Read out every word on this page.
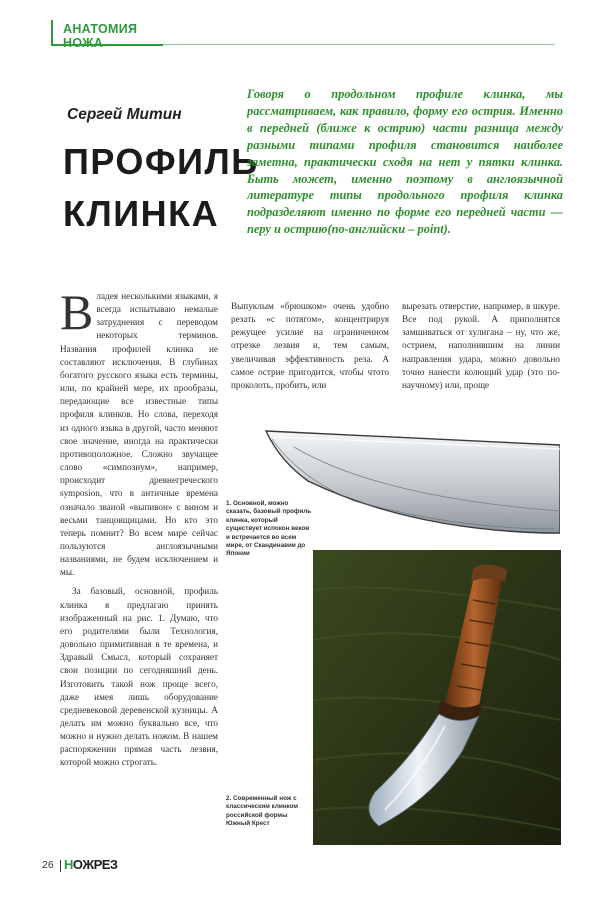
АНАТОМИЯ НОЖА
Сергей Митин
ПРОФИЛЬ
КЛИНКА

Говоря о продольном профиле клинка, мы рассматриваем, как правило, форму его острия. Именно в передней (ближе к острию) части разница между разными типами профиля становится наиболее заметна, практически сходя на нет у пятки клинка. Быть может, именно поэтому в англоязычной литературе типы продольного профиля клинка подразделяют именно по форме его передней части — перу и острию(по-английски – point).

Владея несколькими языками, я всегда испытываю немалые затруднения с переводом некоторых терминов. Названия профилей клинка не составляют исключения. В глубинах богатого русского языка есть термины, или, по крайней мере, их прообразы, передающие все известные типы профиля клинков. Но слова, переходя из одного языка в другой, часто меняют свое значение, иногда на практически противоположное. Сложно звучащее слово «симпозиум», например, происходит древнегреческого symposion, что в античные времена означало званой «выпивон» с вином и весьми танцовщицами. Но кто это теперь помнит? Во всем мире сейчас пользуются англоязычными названиями, не будем исключением и мы.

За базовый, основной, профиль клинка я предлагаю принять изображенный на рис. 1. Думаю, что его родителями были Технология, довольно примитивная в те времена, и Здравый Смысл, который сохраняет свои позиции по сегодняшний день. Изготовить такой нож проще всего, даже имея лишь оборудование средневековой деревенской кузницы. А делать им можно буквально все, что можно и нужно делать ножом. В нашем распоряжении прямая часть лезвия, которой можно строгать.

Выпуклым «брюшком» очень удобно резать «с потягом», концентрируя режущее усилие на ограниченном отрезке лезвия и, тем самым, увеличивая эффективность реза. А самое острие пригодится, чтобы чтото проколоть, пробить, или

вырезать отверстие, например, в шкуре. Все под рукой. А приполнятся замшиваться от хулигана – ну, что же, острием, наполнившим на линии направления удара, можно довольно точно нанести колющий удар (это по-научному) или, проще

1. Основной, можно сказать, базовый профиль клинка, который существует испокон веков и встречается во всем мире, от Скандинавии до Японии

2. Современный нож с классическим клинком российской формы Южный Крест

26 НОЖРЕЗ
